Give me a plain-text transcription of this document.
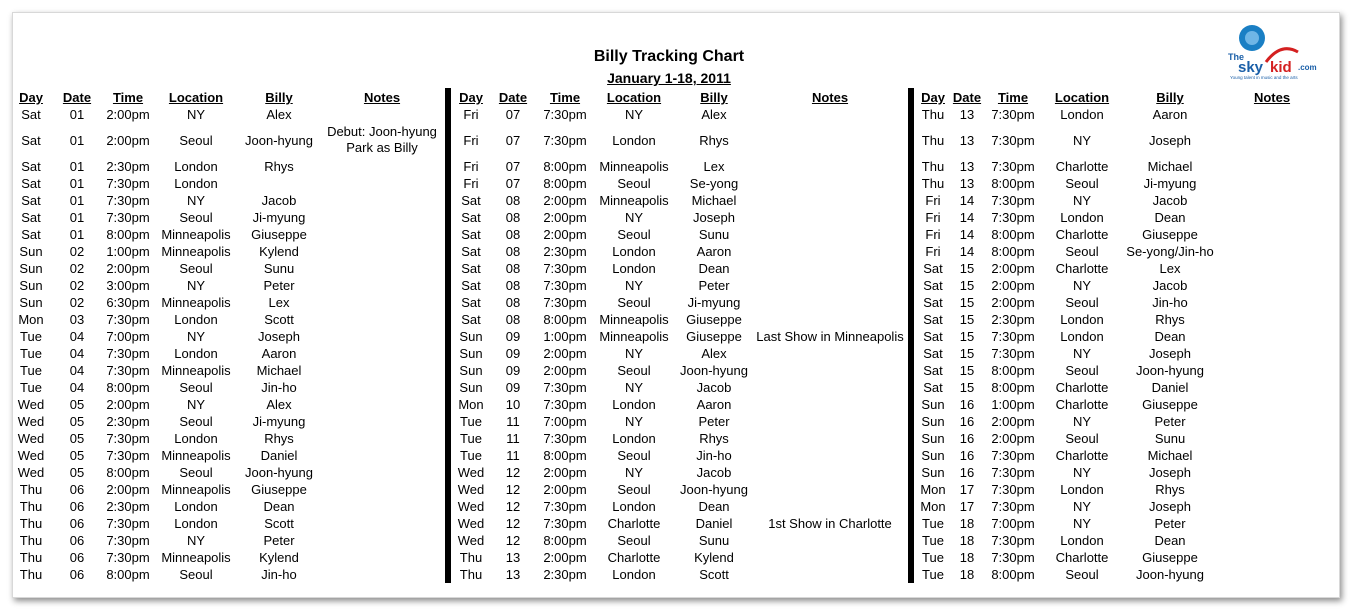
Billy Tracking Chart
January 1-18, 2011
The
sky kid .com
Young talent in music and the arts
Day Date Time Location	Billy	Notes
Sat 01 2:00pm	NY	Alex
Sat 01 2:00pm Seoul Joon-hyung
Debut: Joon-hyung Park as Billy
Sat 01 2:30pm London	Rhys
Sat 01 7:30pm London
Sat 01 7:30pm	NY	Jacob
Sat 01 7:30pm Seoul	Ji-myung
Sat 01 8:00pm Minneapolis Giuseppe
Sun 02 1:00pm Minneapolis Kylend
Sun 02 2:00pm Seoul	Sunu
Sun 02 3:00pm	NY	Peter
Sun 02 6:30pm Minneapolis	Lex
Mon 03 7:30pm London	Scott
Tue 04 7:00pm	NY	Joseph
Tue 04 7:30pm London	Aaron
Tue 04 7:30pm Minneapolis Michael
Tue 04 8:00pm Seoul	Jin-ho
Wed 05 2:00pm	NY	Alex
Wed 05 2:30pm Seoul	Ji-myung
Wed 05 7:30pm London	Rhys
Wed 05 7:30pm Minneapolis Daniel
Wed 05 8:00pm Seoul Joon-hyung
Thu 06 2:00pm Minneapolis Giuseppe
Thu 06 2:30pm London	Dean
Thu 06 7:30pm London	Scott
Thu 06 7:30pm	NY	Peter
Thu 06 7:30pm Minneapolis Kylend
Thu 06 8:00pm Seoul	Jin-ho
Day Date Time Location	Billy	Notes
Fri 07 7:30pm	NY	Alex
Fri 07 7:30pm London	Rhys
Fri 07 8:00pm Minneapolis	Lex
Fri 07 8:00pm Seoul	Se-yong
Sat 08 2:00pm Minneapolis Michael
Sat 08 2:00pm	NY	Joseph
Sat 08 2:00pm Seoul	Sunu
Sat 08 2:30pm London	Aaron
Sat 08 7:30pm London	Dean
Sat 08 7:30pm	NY	Peter
Sat 08 7:30pm Seoul	Ji-myung
Sat 08 8:00pm Minneapolis Giuseppe
Sun 09 1:00pm Minneapolis Giuseppe Last Show in Minneapolis
Sun 09 2:00pm	NY	Alex
Sun 09 2:00pm Seoul Joon-hyung
Sun 09 7:30pm	NY	Jacob
Mon 10 7:30pm London	Aaron
Tue 11 7:00pm	NY	Peter
Tue 11 7:30pm London	Rhys
Tue 11 8:00pm Seoul	Jin-ho
Wed 12 2:00pm	NY	Jacob
Wed 12 2:00pm Seoul Joon-hyung
Wed 12 7:30pm London	Dean
Wed 12 7:30pm Charlotte	Daniel	1st Show in Charlotte
Wed 12 8:00pm Seoul	Sunu
Thu 13 2:00pm Charlotte	Kylend
Thu 13 2:30pm London	Scott
Day Date Time Location	Billy	Notes
Thu 13 7:30pm London	Aaron
Thu 13 7:30pm	NY	Joseph
Thu 13 7:30pm Charlotte	Michael
Thu 13 8:00pm Seoul	Ji-myung
Fri 14 7:30pm	NY	Jacob
Fri 14 7:30pm London	Dean
Fri 14 8:00pm Charlotte	Giuseppe
Fri 14 8:00pm Seoul Se-yong/Jin-ho
Sat 15 2:00pm Charlotte	Lex
Sat 15 2:00pm	NY	Jacob
Sat 15 2:00pm Seoul	Jin-ho
Sat 15 2:30pm London	Rhys
Sat 15 7:30pm London	Dean
Sat 15 7:30pm	NY	Joseph
Sat 15 8:00pm Seoul	Joon-hyung
Sat 15 8:00pm Charlotte	Daniel
Sun 16 1:00pm Charlotte	Giuseppe
Sun 16 2:00pm	NY	Peter
Sun 16 2:00pm Seoul	Sunu
Sun 16 7:30pm Charlotte	Michael
Sun 16 7:30pm	NY	Joseph
Mon 17 7:30pm London	Rhys
Mon 17 7:30pm	NY	Joseph
Tue 18 7:00pm	NY	Peter
Tue 18 7:30pm London	Dean
Tue 18 7:30pm Charlotte	Giuseppe
Tue 18 8:00pm Seoul	Joon-hyung
